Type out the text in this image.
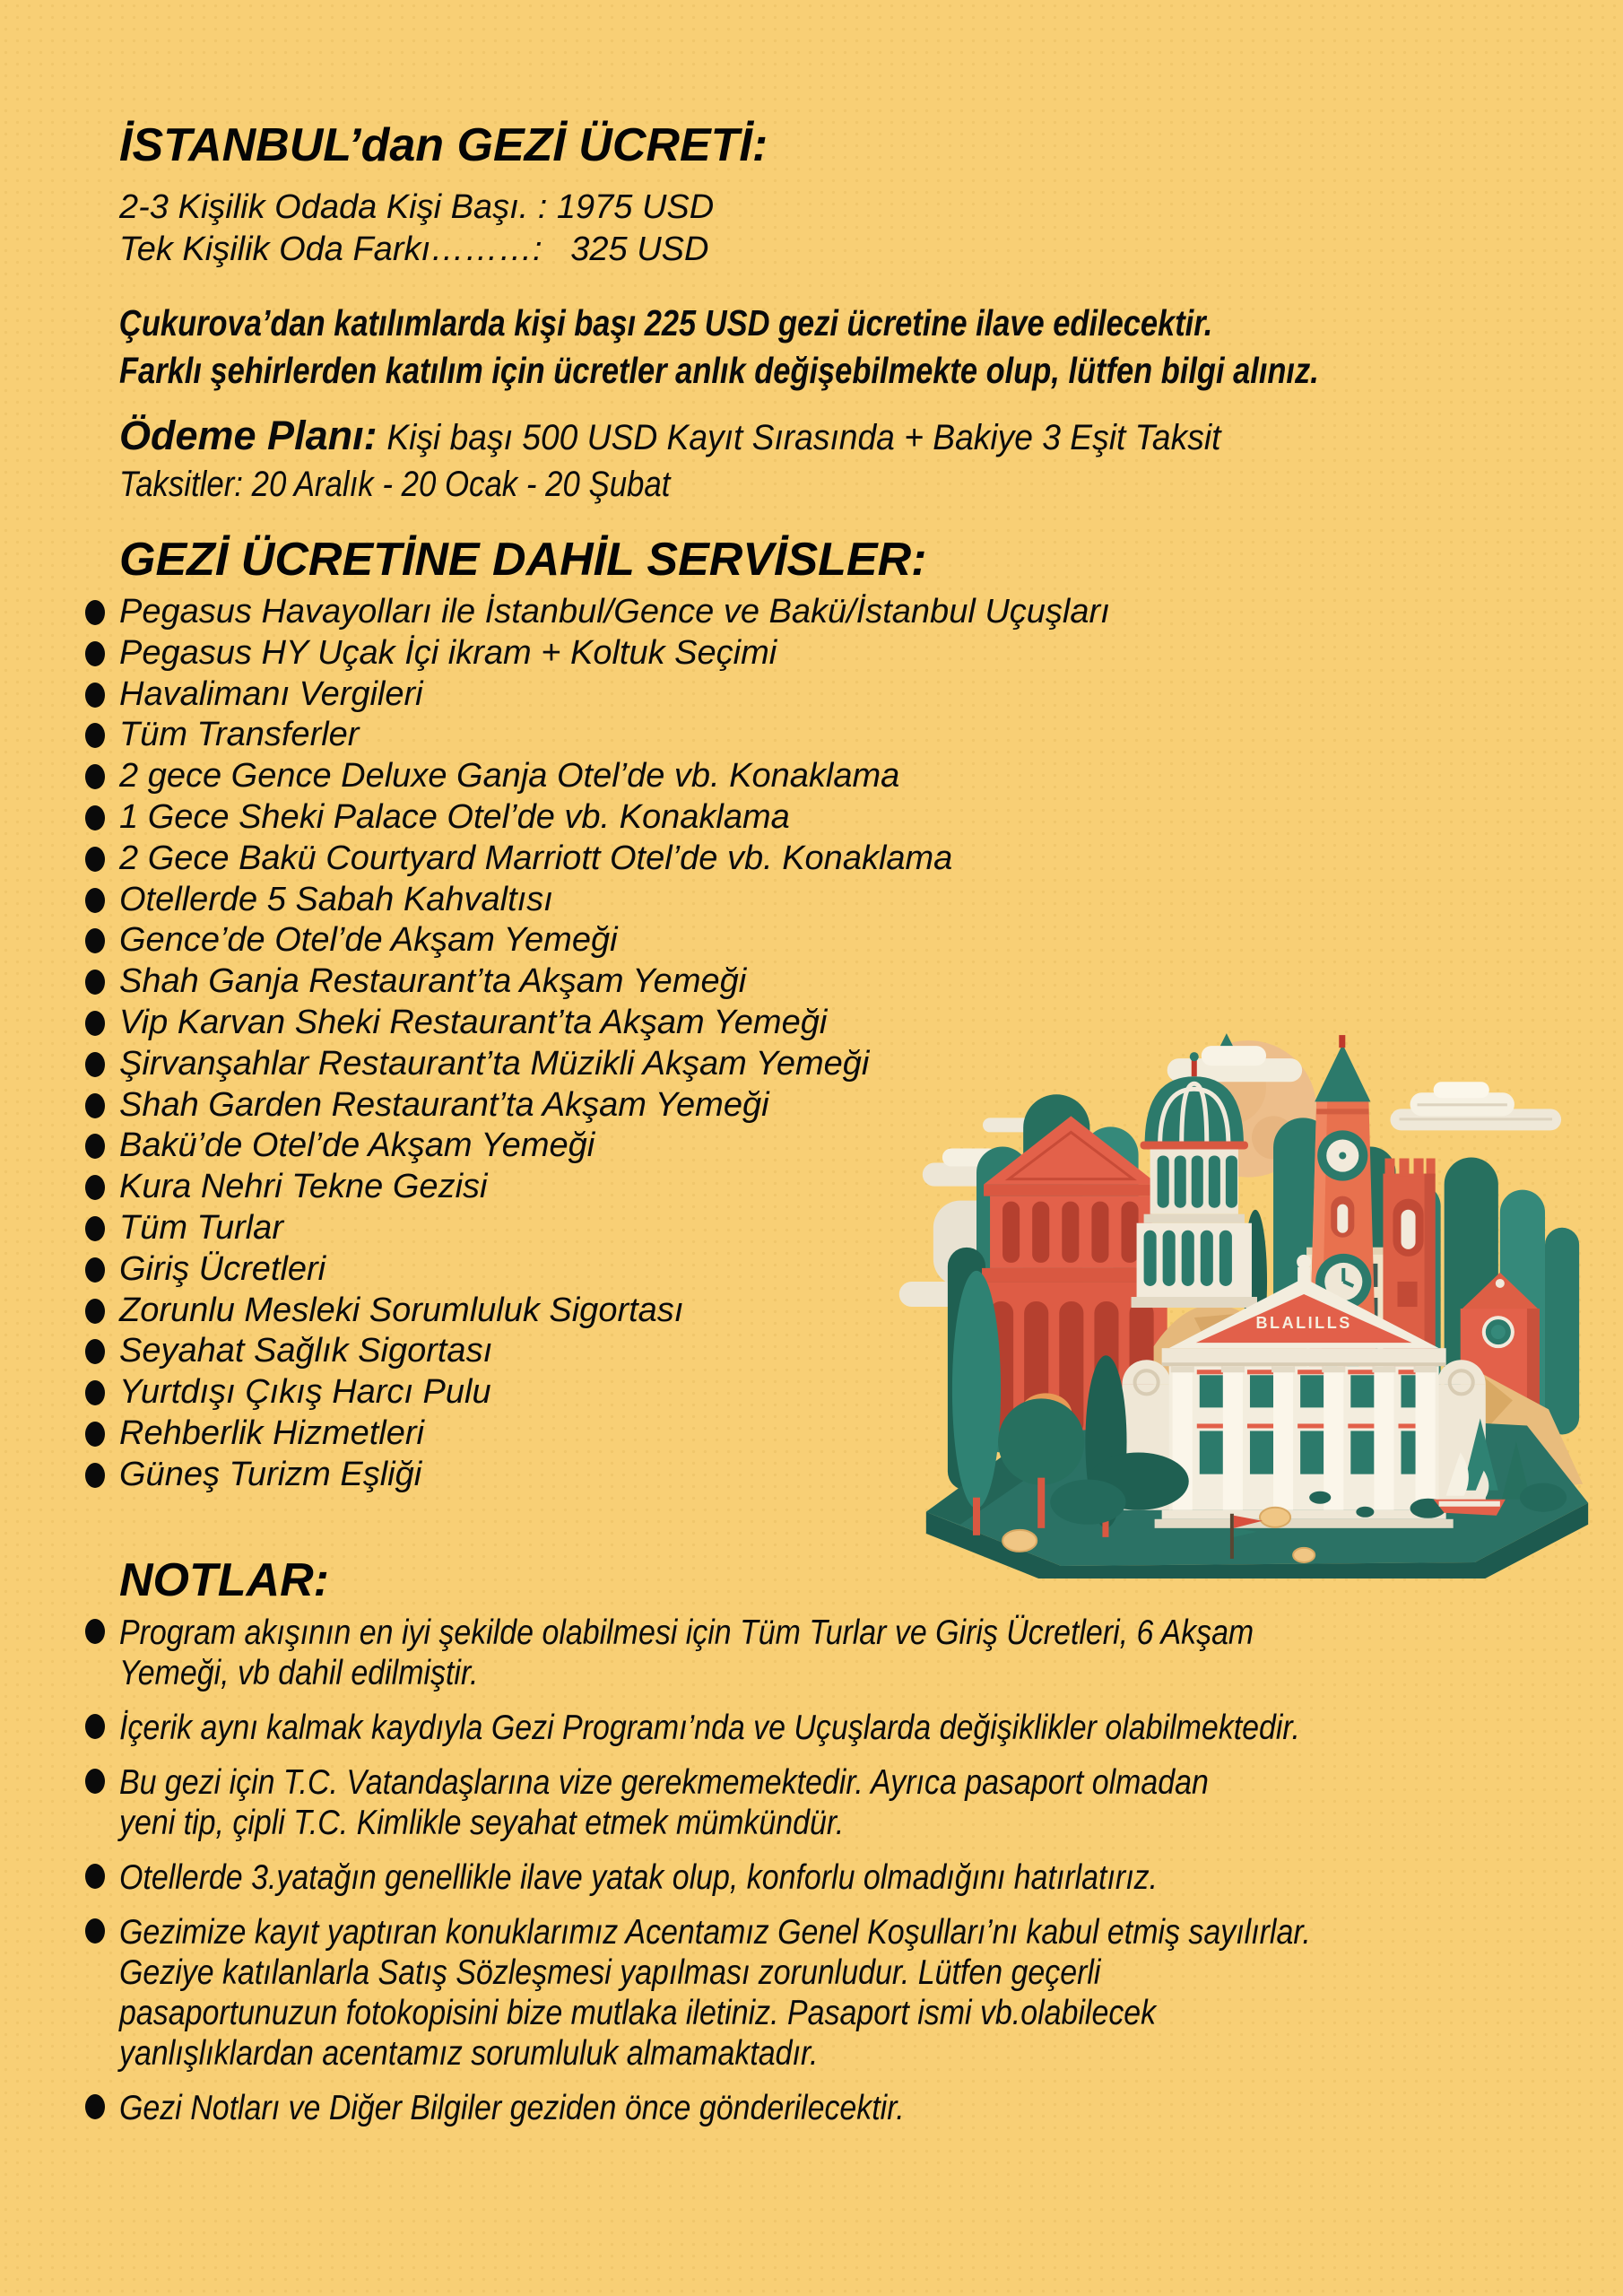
İSTANBUL’dan GEZİ ÜCRETİ:
2-3 Kişilik Odada Kişi Başı. : 1975 USD
Tek Kişilik Oda Farkı………:   325 USD
Çukurova’dan katılımlarda kişi başı 225 USD gezi ücretine ilave edilecektir.
Farklı şehirlerden katılım için ücretler anlık değişebilmekte olup, lütfen bilgi alınız.
Ödeme Planı: Kişi başı 500 USD Kayıt Sırasında + Bakiye 3 Eşit Taksit
Taksitler: 20 Aralık - 20 Ocak - 20 Şubat
GEZİ ÜCRETİNE DAHİL SERVİSLER:
Pegasus Havayolları ile İstanbul/Gence ve Bakü/İstanbul Uçuşları
Pegasus HY Uçak İçi ikram + Koltuk Seçimi
Havalimanı Vergileri
Tüm Transferler
2 gece Gence Deluxe Ganja Otel’de vb. Konaklama
1 Gece Sheki Palace Otel’de vb. Konaklama
2 Gece Bakü Courtyard Marriott Otel’de vb. Konaklama
Otellerde 5 Sabah Kahvaltısı
Gence’de Otel’de Akşam Yemeği
Shah Ganja Restaurant’ta Akşam Yemeği
Vip Karvan Sheki Restaurant’ta Akşam Yemeği
Şirvanşahlar Restaurant’ta Müzikli Akşam Yemeği
Shah Garden Restaurant’ta Akşam Yemeği
Bakü’de Otel’de Akşam Yemeği
Kura Nehri Tekne Gezisi
Tüm Turlar
Giriş Ücretleri
Zorunlu Mesleki Sorumluluk Sigortası
Seyahat Sağlık Sigortası
Yurtdışı Çıkış Harcı Pulu
Rehberlik Hizmetleri
Güneş Turizm Eşliği
NOTLAR:
Program akışının en iyi şekilde olabilmesi için Tüm Turlar ve Giriş Ücretleri, 6 Akşam
Yemeği, vb dahil edilmiştir.
İçerik aynı kalmak kaydıyla Gezi Programı’nda ve Uçuşlarda değişiklikler olabilmektedir.
Bu gezi için T.C. Vatandaşlarına vize gerekmemektedir. Ayrıca pasaport olmadan
yeni tip, çipli T.C. Kimlikle seyahat etmek mümkündür.
Otellerde 3.yatağın genellikle ilave yatak olup, konforlu olmadığını hatırlatırız.
Gezimize kayıt yaptıran konuklarımız Acentamız Genel Koşulları’nı kabul etmiş sayılırlar.
Geziye katılanlarla Satış Sözleşmesi yapılması zorunludur. Lütfen geçerli
pasaportunuzun fotokopisini bize mutlaka iletiniz. Pasaport ismi vb.olabilecek
yanlışlıklardan acentamız sorumluluk almamaktadır.
Gezi Notları ve Diğer Bilgiler geziden önce gönderilecektir.
BLALILLS
